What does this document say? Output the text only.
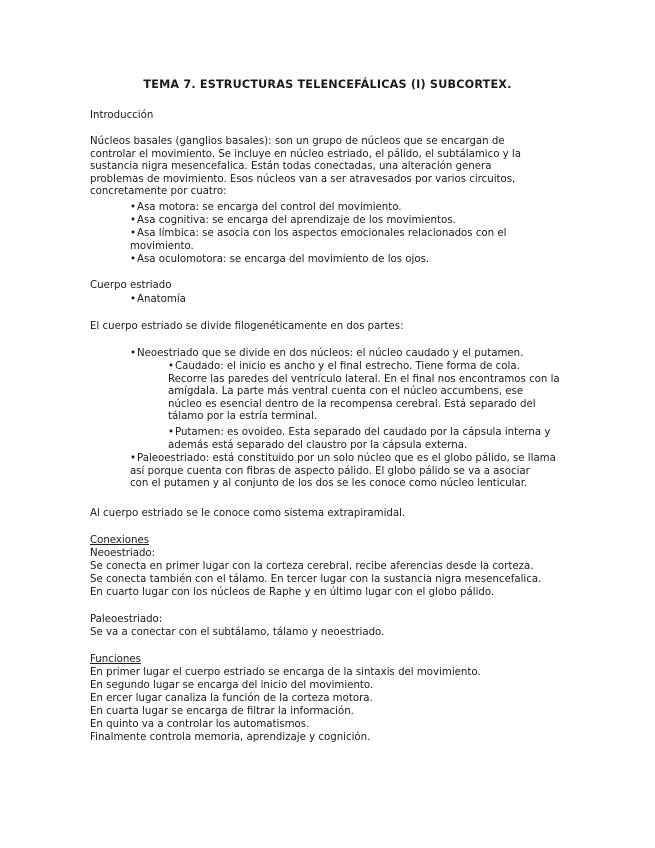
TEMA 7. ESTRUCTURAS TELENCEFÁLICAS (I) SUBCORTEX.
Introducción

Núcleos basales (ganglios basales): son un grupo de núcleos que se encargan de

controlar el movimiento. Se incluye en núcleo estriado, el pálido, el subtálamico y la

sustancia nigra mesencefalica. Están todas conectadas, una alteración genera

problemas de movimiento. Esos núcleos van a ser atravesados por varios circuitos,

concretamente por cuatro:

•Asa motora: se encarga del control del movimiento.
•Asa cognitiva: se encarga del aprendizaje de los movimientos.

•Asa límbica: se asocia con los aspectos emocionales relacionados con el

movimiento.

•Asa oculomotora: se encarga del movimiento de los ojos.
Cuerpo estriado
•Anatomía
El cuerpo estriado se divide filogenéticamente en dos partes:
•Neoestriado que se divide en dos núcleos: el núcleo caudado y el putamen.

•Caudado: el inicio es ancho y el final estrecho. Tiene forma de cola.

Recorre las paredes del ventrículo lateral. En el final nos encontramos con la

amígdala. La parte más ventral cuenta con el núcleo accumbens, ese

núcleo es esencial dentro de la recompensa cerebral. Está separado del

tálamo por la estría terminal.

•Putamen: es ovoideo. Esta separado del caudado por la cápsula interna y

además está separado del claustro por la cápsula externa.

•Paleoestriado: está constituido por un solo núcleo que es el globo pálido, se llama

así porque cuenta con fibras de aspecto pálido. El globo pálido se va a asociar

con el putamen y al conjunto de los dos se les conoce como núcleo lenticular.

Al cuerpo estriado se le conoce como sistema extrapiramidal.
Conexiones
Neoestriado:
Se conecta en primer lugar con la corteza cerebral, recibe aferencias desde la corteza.
Se conecta también con el tálamo. En tercer lugar con la sustancia nigra mesencefalica.
En cuarto lugar con los núcleos de Raphe y en último lugar con el globo pálido.
Paleoestriado:
Se va a conectar con el subtálamo, tálamo y neoestriado.
Funciones
En primer lugar el cuerpo estriado se encarga de la sintaxis del movimiento.
En segundo lugar se encarga del inicio del movimiento.
En ercer lugar canaliza la función de la corteza motora.
En cuarta lugar se encarga de filtrar la información.
En quinto va a controlar los automatismos.
Finalmente controla memoria, aprendizaje y cognición.
